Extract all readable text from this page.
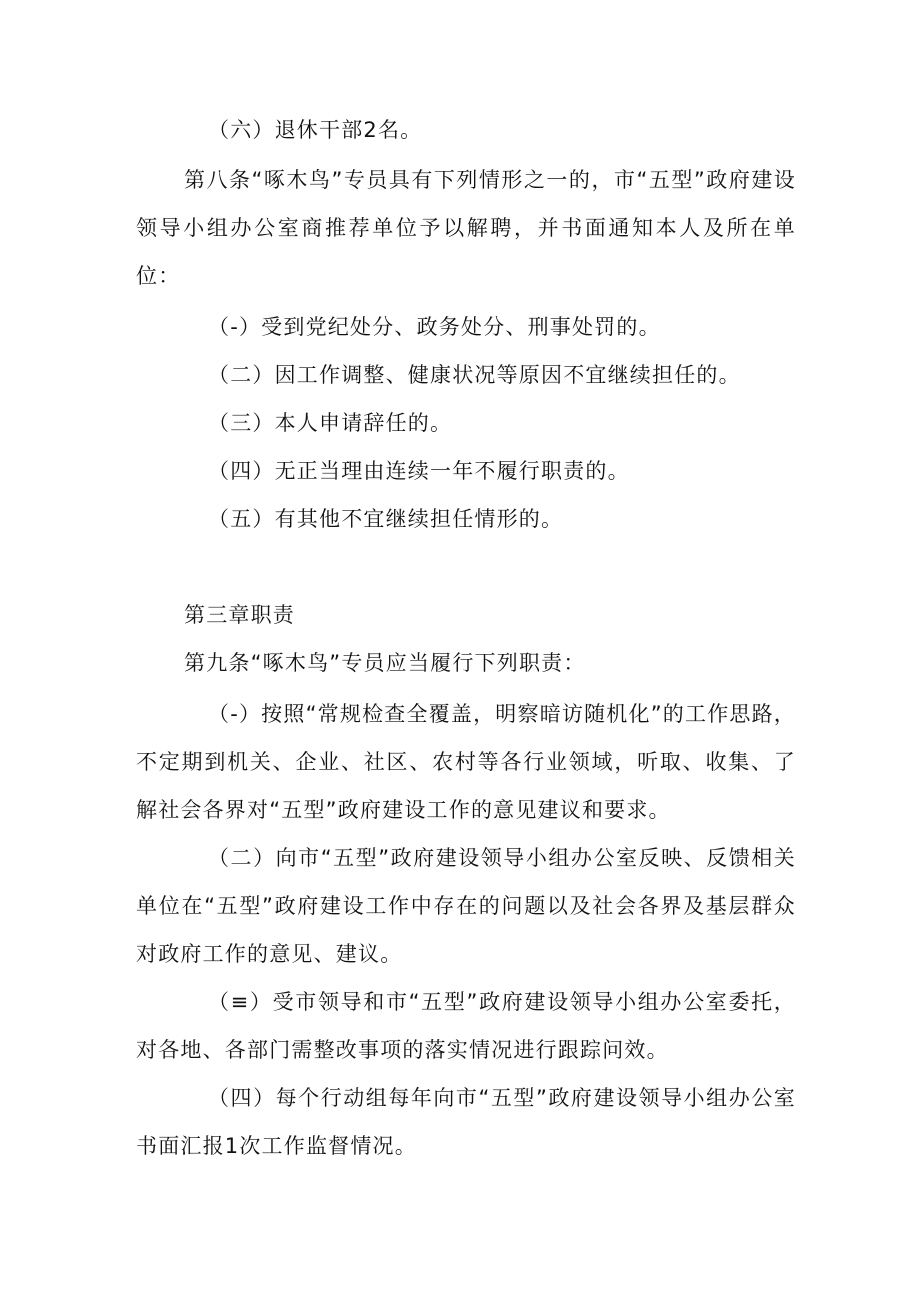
（六）退休干部2名。
第八条“啄木鸟”专员具有下列情形之一的，市“五型”政府建设领导小组办公室商推荐单位予以解聘，并书面通知本人及所在单位：
（-）受到党纪处分、政务处分、刑事处罚的。
（二）因工作调整、健康状况等原因不宜继续担任的。
（三）本人申请辞任的。
（四）无正当理由连续一年不履行职责的。
（五）有其他不宜继续担任情形的。
第三章职责
第九条“啄木鸟”专员应当履行下列职责：
（-）按照“常规检查全覆盖，明察暗访随机化”的工作思路，不定期到机关、企业、社区、农村等各行业领域，听取、收集、了解社会各界对“五型”政府建设工作的意见建议和要求。
（二）向市“五型”政府建设领导小组办公室反映、反馈相关单位在“五型”政府建设工作中存在的问题以及社会各界及基层群众对政府工作的意见、建议。
（≡）受市领导和市“五型”政府建设领导小组办公室委托，对各地、各部门需整改事项的落实情况进行跟踪问效。
（四）每个行动组每年向市“五型”政府建设领导小组办公室书面汇报1次工作监督情况。
